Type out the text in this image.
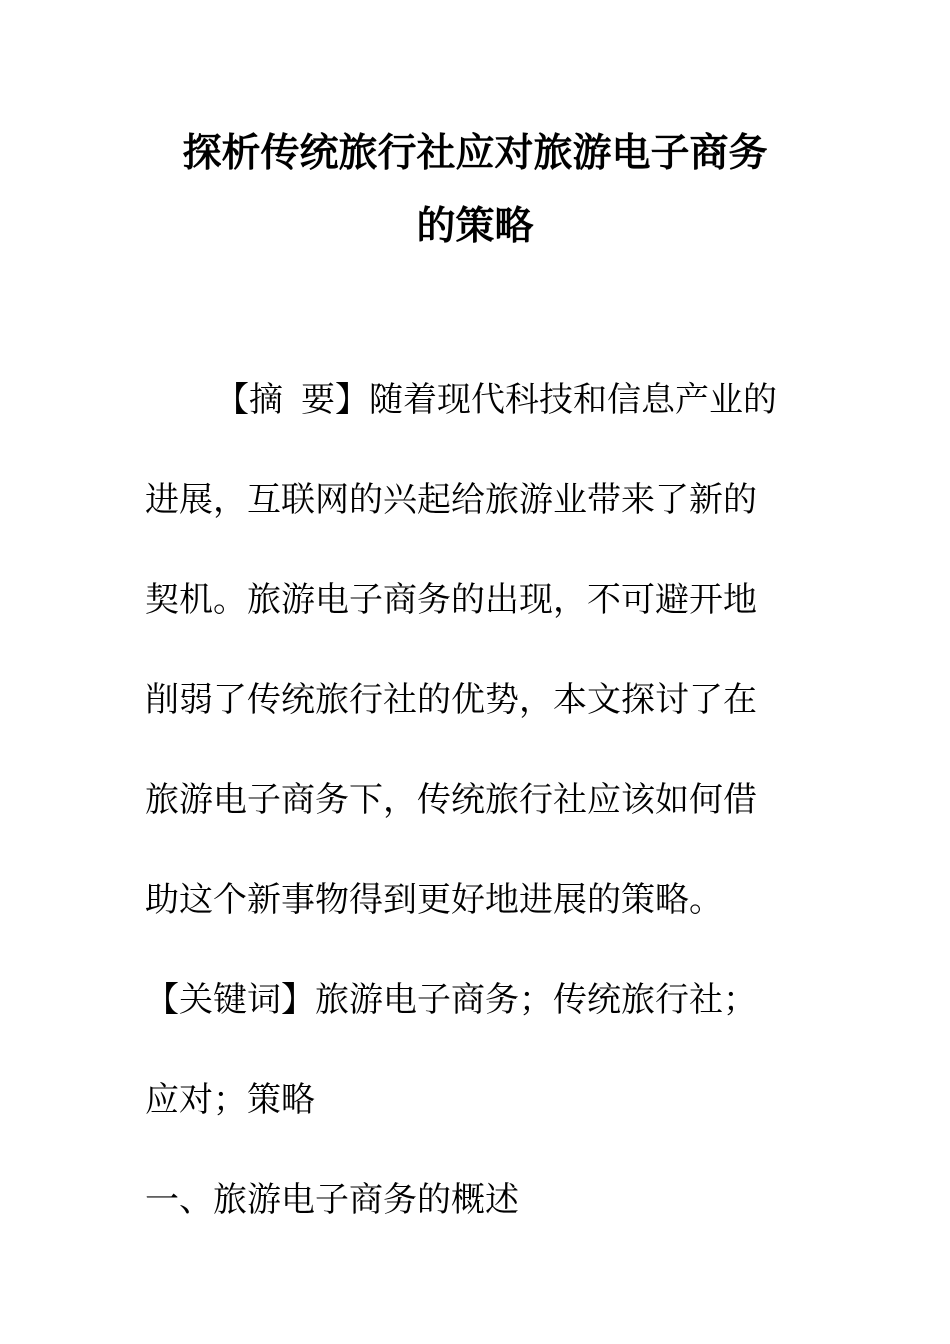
探析传统旅行社应对旅游电子商务
的策略
【摘 要】随着现代科技和信息产业的
进展，互联网的兴起给旅游业带来了新的
契机。旅游电子商务的出现，不可避开地
削弱了传统旅行社的优势，本文探讨了在
旅游电子商务下，传统旅行社应该如何借
助这个新事物得到更好地进展的策略。
【关键词】旅游电子商务；传统旅行社；
应对；策略
一、旅游电子商务的概述
